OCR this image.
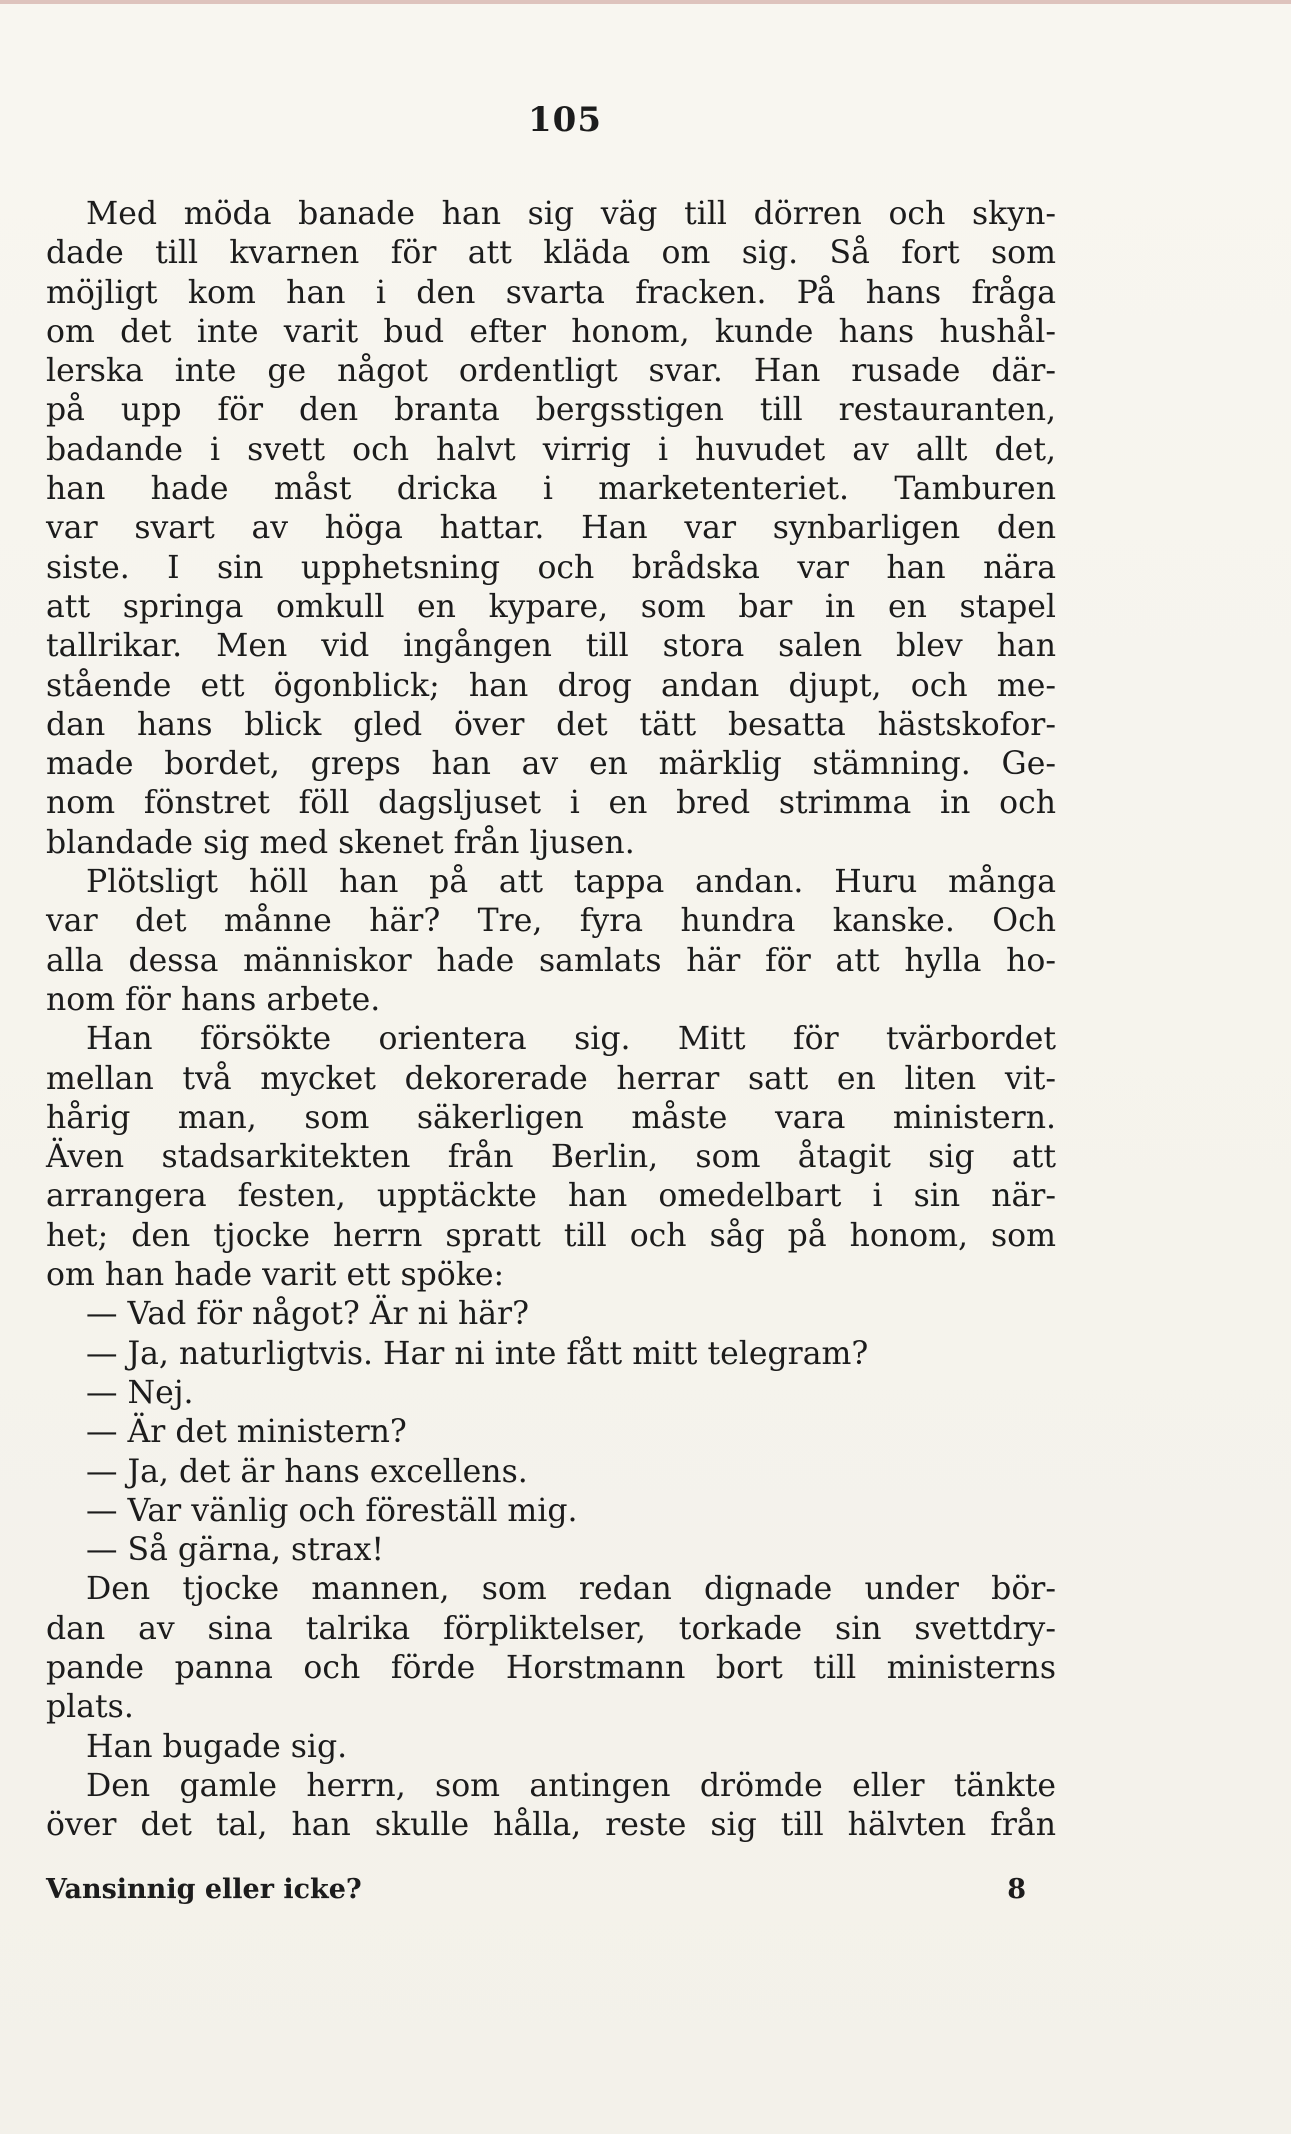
105
Med möda banade han sig väg till dörren och skyn-
dade till kvarnen för att kläda om sig. Så fort som
möjligt kom han i den svarta fracken. På hans fråga
om det inte varit bud efter honom, kunde hans hushål-
lerska inte ge något ordentligt svar. Han rusade där-
på upp för den branta bergsstigen till restauranten,
badande i svett och halvt virrig i huvudet av allt det,
han hade måst dricka i marketenteriet. Tamburen
var svart av höga hattar. Han var synbarligen den
siste. I sin upphetsning och brådska var han nära
att springa omkull en kypare, som bar in en stapel
tallrikar. Men vid ingången till stora salen blev han
stående ett ögonblick; han drog andan djupt, och me-
dan hans blick gled över det tätt besatta hästskofor-
made bordet, greps han av en märklig stämning. Ge-
nom fönstret föll dagsljuset i en bred strimma in och
blandade sig med skenet från ljusen.
Plötsligt höll han på att tappa andan. Huru många
var det månne här? Tre, fyra hundra kanske. Och
alla dessa människor hade samlats här för att hylla ho-
nom för hans arbete.
Han försökte orientera sig. Mitt för tvärbordet
mellan två mycket dekorerade herrar satt en liten vit-
hårig man, som säkerligen måste vara ministern.
Även stadsarkitekten från Berlin, som åtagit sig att
arrangera festen, upptäckte han omedelbart i sin när-
het; den tjocke herrn spratt till och såg på honom, som
om han hade varit ett spöke:
— Vad för något? Är ni här?
— Ja, naturligtvis. Har ni inte fått mitt telegram?
— Nej.
— Är det ministern?
— Ja, det är hans excellens.
— Var vänlig och föreställ mig.
— Så gärna, strax!
Den tjocke mannen, som redan dignade under bör-
dan av sina talrika förpliktelser, torkade sin svettdry-
pande panna och förde Horstmann bort till ministerns
plats.
Han bugade sig.
Den gamle herrn, som antingen drömde eller tänkte
över det tal, han skulle hålla, reste sig till hälvten från
Vansinnig eller icke?	8
